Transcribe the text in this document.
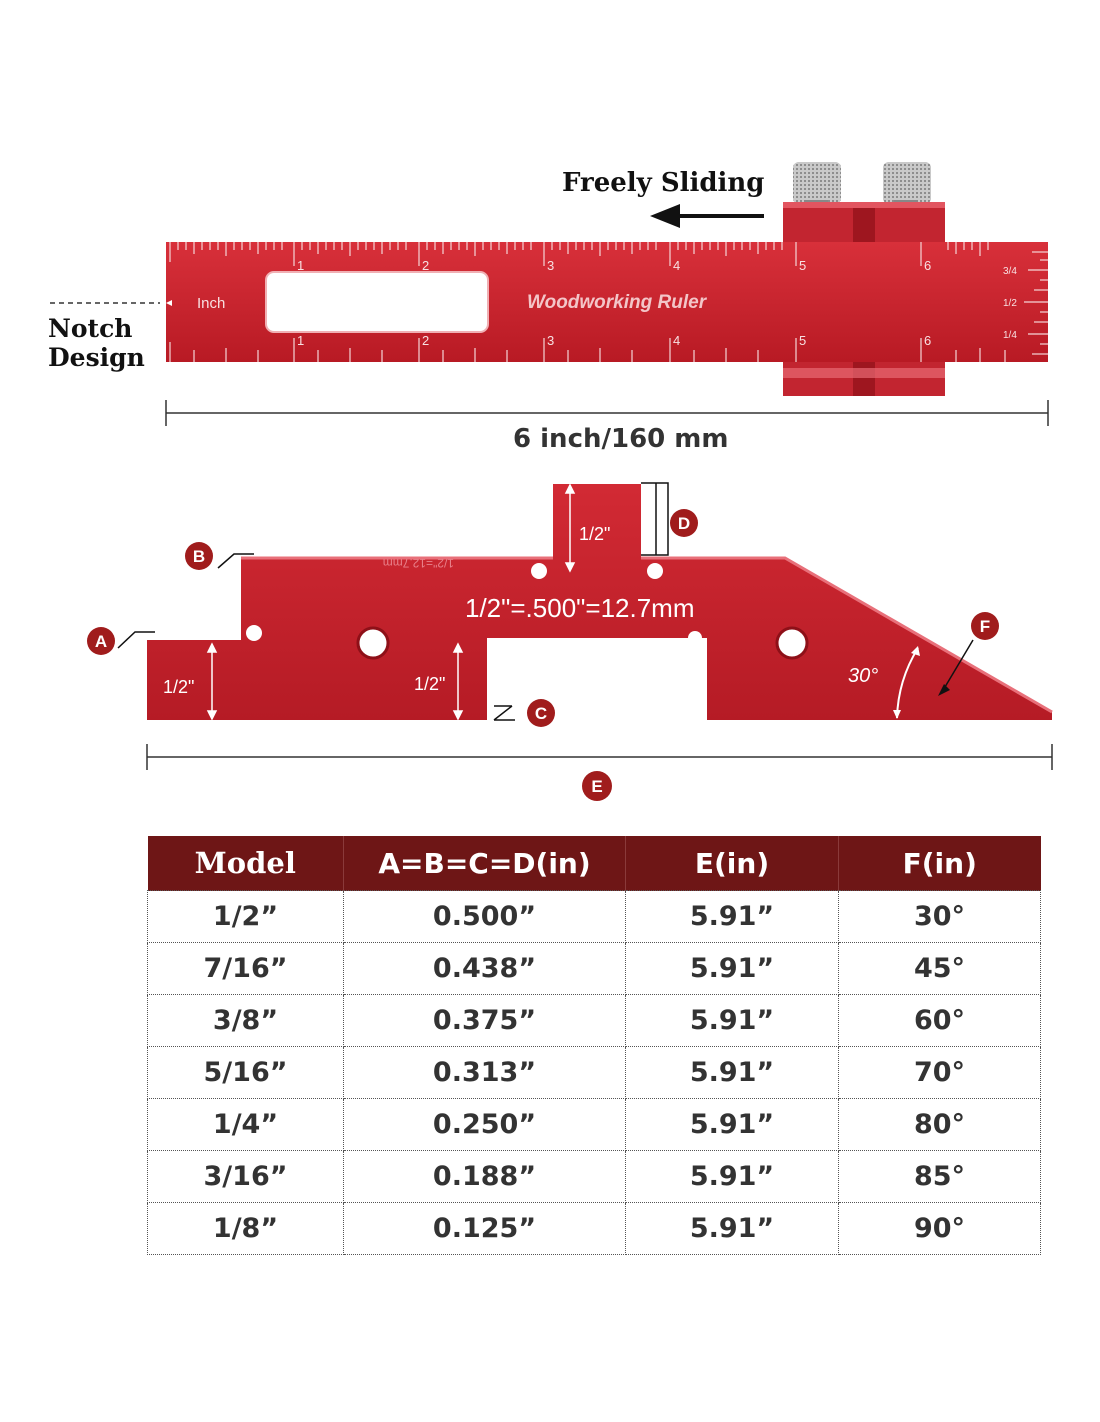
Freely Sliding
1	2	3	4	5	6
1	2	3	4	5	6
3/4
1/2
1/4
Inch	Woodworking Ruler
Notch
Design
6 inch/160 mm
1/2"=.500"=12.7mm
1/2"=12.7mm
1/2"	1/2"
1/2"
30°
A
B
C
D
E
F
Model	A=B=C=D(in)	E(in)	F(in)
1/2”	0.500”	5.91”	30°
7/16”	0.438”	5.91”	45°
3/8”	0.375”	5.91”	60°
5/16”	0.313”	5.91”	70°
1/4”	0.250”	5.91”	80°
3/16”	0.188”	5.91”	85°
1/8”	0.125”	5.91”	90°
